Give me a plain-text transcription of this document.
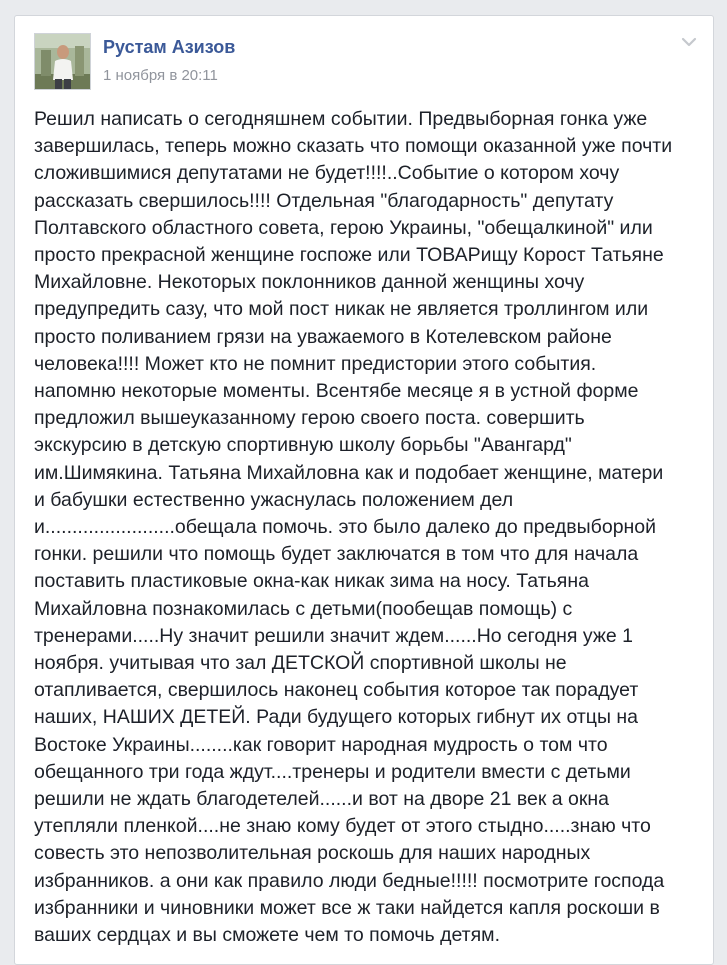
Рустам Азизов
1 ноября в 20:11
Решил написать о сегодняшнем событии. Предвыборная гонка уже
завершилась, теперь можно сказать что помощи оказанной уже почти
сложившимися депутатами не будет!!!!..Событие о котором хочу
рассказать свершилось!!!! Отдельная "благодарность" депутату
Полтавского областного совета, герою Украины, "обещалкиной" или
просто прекрасной женщине госпоже или ТОВАРищу Корост Татьяне
Михайловне. Некоторых поклонников данной женщины хочу
предупредить сазу, что мой пост никак не является троллингом или
просто поливанием грязи на уважаемого в Котелевском районе
человека!!!! Может кто не помнит предистории этого события.
напомню некоторые моменты. Всентябе месяце я в устной форме
предложил вышеуказанному герою своего поста. совершить
экскурсию в детскую спортивную школу борьбы "Авангард"
им.Шимякина. Татьяна Михайловна как и подобает женщине, матери
и бабушки естественно ужаснулась положением дел
и........................обещала помочь. это было далеко до предвыборной
гонки. решили что помощь будет заключатся в том что для начала
поставить пластиковые окна-как никак зима на носу. Татьяна
Михайловна познакомилась с детьми(пообещав помощь) с
тренерами.....Ну значит решили значит ждем......Но сегодня уже 1
ноября. учитывая что зал ДЕТСКОЙ спортивной школы не
отапливается, свершилось наконец события которое так порадует
наших, НАШИХ ДЕТЕЙ. Ради будущего которых гибнут их отцы на
Востоке Украины........как говорит народная мудрость о том что
обещанного три года ждут....тренеры и родители вмести с детьми
решили не ждать благодетелей......и вот на дворе 21 век а окна
утепляли пленкой....не знаю кому будет от этого стыдно.....знаю что
совесть это непозволительная роскошь для наших народных
избранников. а они как правило люди бедные!!!!! посмотрите господа
избранники и чиновники может все ж таки найдется капля роскоши в
ваших сердцах и вы сможете чем то помочь детям.
